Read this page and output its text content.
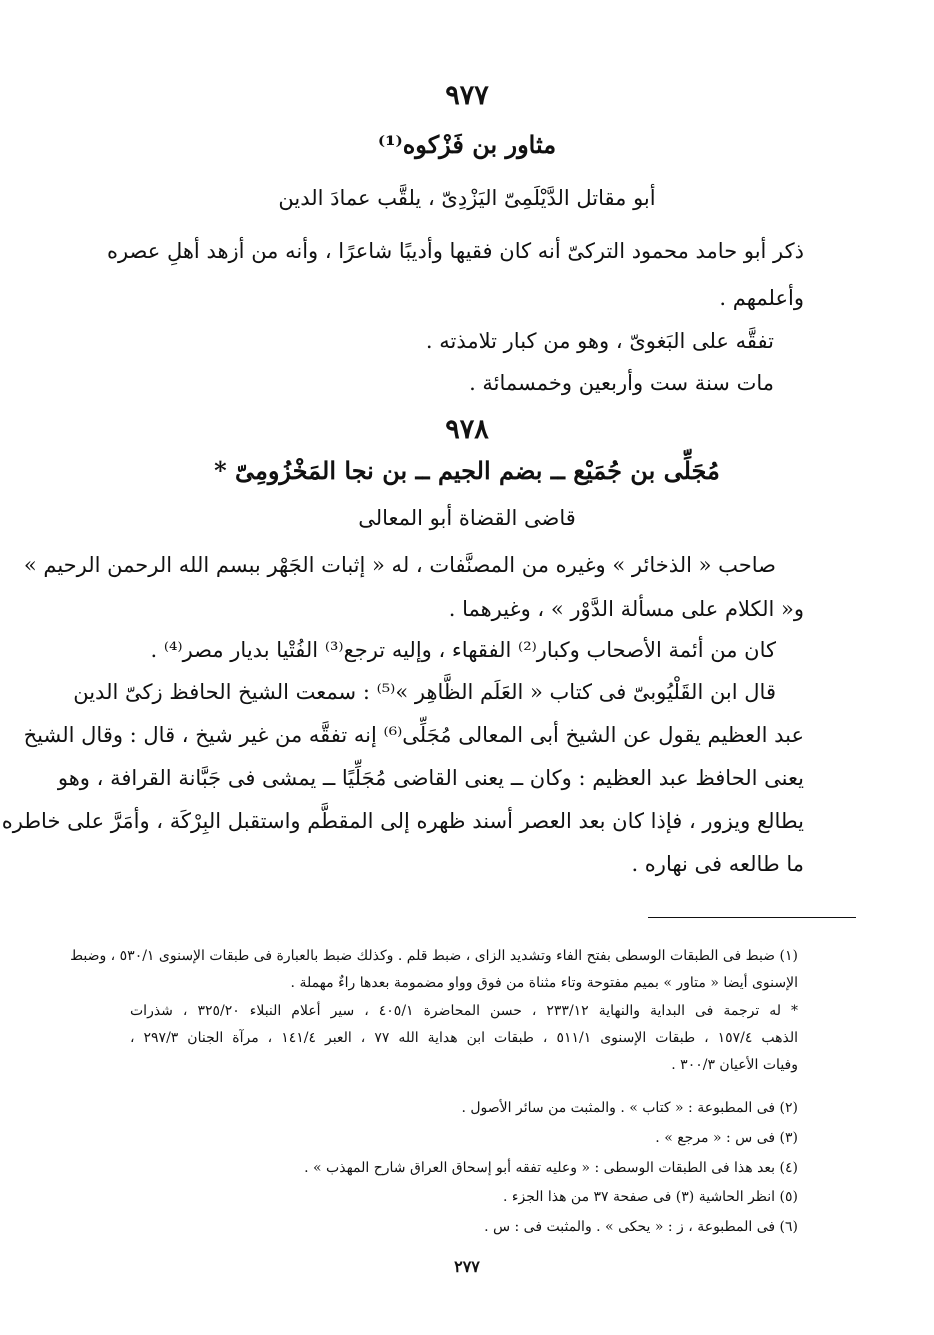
٩٧٧
مثاور بن فَزْكوه⁽¹⁾
أبو مقاتل الدَّيْلَمِىّ اليَزْدِىّ ، يلقَّب عمادَ الدين
ذكر أبو حامد محمود التركىّ أنه كان فقيها وأديبًا شاعرًا ، وأنه من أزهد أهلِ عصره
وأعلمهم .
تفقَّه على البَغوىّ ، وهو من كبار تلامذته .
مات سنة ست وأربعين وخمسمائة .
٩٧٨
مُجَلِّى بن جُمَيْع ــ بضم الجيم ــ بن نجا المَخْزُومِىّ *
قاضى القضاة أبو المعالى
صاحب « الذخائر » وغيره من المصنَّفات ، له « إثبات الجَهْر ببسم الله الرحمن الرحيم »
و« الكلام على مسألة الدَّوْر » ، وغيرهما .
كان من أئمة الأصحاب وكبار⁽²⁾ الفقهاء ، وإليه ترجع⁽³⁾ الفُتْيا بديار مصر⁽⁴⁾ .
قال ابن القَلْيُوبىّ فى كتاب « العَلَم الظَّاهِر »⁽⁵⁾ : سمعت الشيخ الحافظ زكىّ الدين
عبد العظيم يقول عن الشيخ أبى المعالى مُجَلِّى⁽⁶⁾ إنه تفقَّه من غير شيخ ، قال : وقال الشيخ
يعنى الحافظ عبد العظيم : وكان ــ يعنى القاضى مُجَلِّيًا ــ يمشى فى جَبَّانة القرافة ، وهو
يطالع ويزور ، فإذا كان بعد العصر أسند ظهره إلى المقطَّم واستقبل البِرْكَة ، وأمَرَّ على خاطره
ما طالعه فى نهاره .
(١) ضبط فى الطبقات الوسطى بفتح الفاء وتشديد الزاى ، ضبط قلم . وكذلك ضبط بالعبارة فى طبقات الإسنوى ٥٣٠/١ ، وضبط
الإسنوى أيضا « متاور » بميم مفتوحة وتاء مثناة من فوق وواو مضمومة بعدها راءٌ مهملة .
* له ترجمة فى البداية والنهاية ٢٣٣/١٢ ، حسن المحاضرة ٤٠٥/١ ، سير أعلام النبلاء ٣٢٥/٢٠ ، شذرات
الذهب ١٥٧/٤ ، طبقات الإسنوى ٥١١/١ ، طبقات ابن هداية الله ٧٧ ، العبر ١٤١/٤ ، مرآة الجنان ٢٩٧/٣ ،
وفيات الأعيان ٣٠٠/٣ .
(٢) فى المطبوعة : « كتاب » . والمثبت من سائر الأصول .
(٣) فى س : « مرجع » .
(٤) بعد هذا فى الطبقات الوسطى : « وعليه تفقه أبو إسحاق العراق شارح المهذب » .
(٥) انظر الحاشية (٣) فى صفحة ٣٧ من هذا الجزء .
(٦) فى المطبوعة ، ز : « يحكى » . والمثبت فى : س .
٢٧٧
